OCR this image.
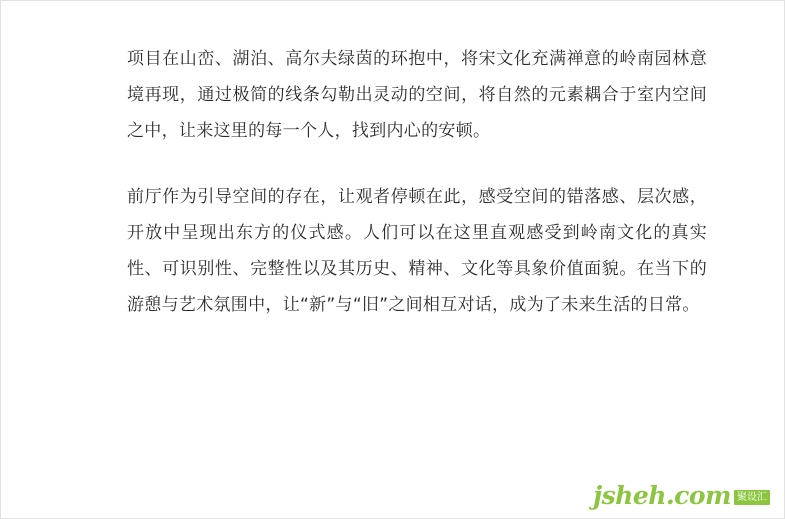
项目在山峦、湖泊、高尔夫绿茵的环抱中，将宋文化充满禅意的岭南园林意境再现，通过极简的线条勾勒出灵动的空间，将自然的元素耦合于室内空间之中，让来这里的每一个人，找到内心的安顿。

前厅作为引导空间的存在，让观者停顿在此，感受空间的错落感、层次感，开放中呈现出东方的仪式感。人们可以在这里直观感受到岭南文化的真实性、可识别性、完整性以及其历史、精神、文化等具象价值面貌。在当下的游憩与艺术氛围中，让“新”与“旧”之间相互对话，成为了未来生活的日常。

jsheh.com 聚设汇
